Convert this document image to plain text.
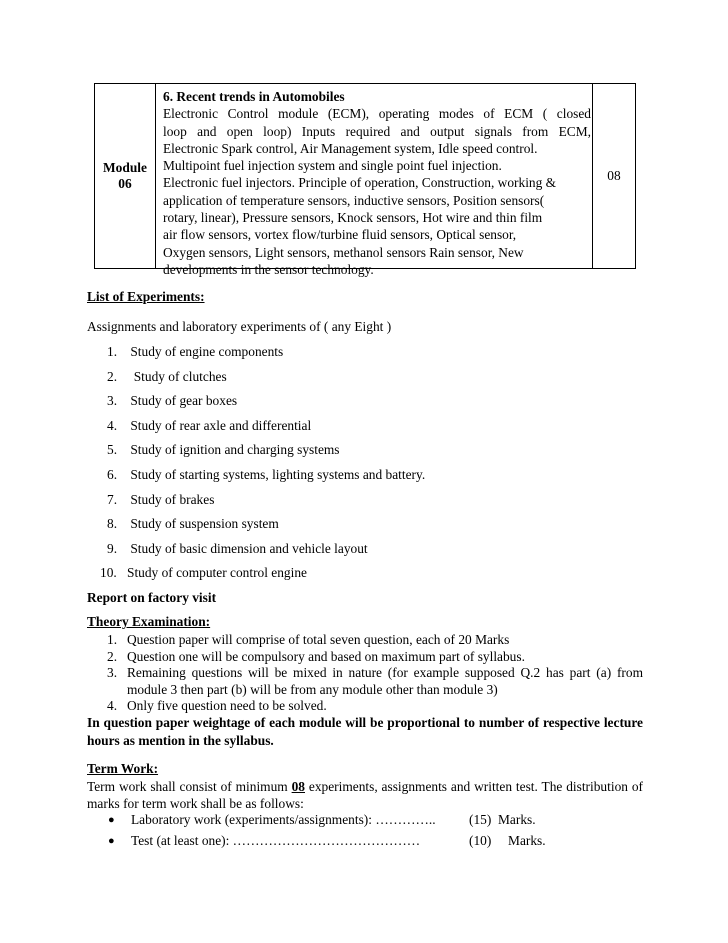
Module
06
6. Recent trends in Automobiles
Electronic Control module (ECM), operating modes of ECM ( closed
loop and open loop) Inputs required and output signals from ECM,
Electronic Spark control, Air Management system, Idle speed control.
Multipoint fuel injection system and single point fuel injection.
Electronic fuel injectors. Principle of operation, Construction, working &
application of temperature sensors, inductive sensors, Position sensors(
rotary, linear), Pressure sensors, Knock sensors, Hot wire and thin film
air flow sensors, vortex flow/turbine fluid sensors, Optical sensor,
Oxygen sensors, Light sensors, methanol sensors Rain sensor, New
developments in the sensor technology.
08
List of Experiments:
Assignments and laboratory experiments of ( any Eight )
1. Study of engine components
2.  Study of clutches
3. Study of gear boxes
4. Study of rear axle and differential
5. Study of ignition and charging systems
6. Study of starting systems, lighting systems and battery.
7. Study of brakes
8. Study of suspension system
9. Study of basic dimension and vehicle layout
10. Study of computer control engine
Report on factory visit
Theory Examination:
1. Question paper will comprise of total seven question, each of 20 Marks
2. Question one will be compulsory and based on maximum part of syllabus.
3. Remaining questions will be mixed in nature (for example supposed Q.2 has part (a) from module 3 then part (b) will be from any module other than module 3)
4. Only five question need to be solved.
In question paper weightage of each module will be proportional to number of respective lecture hours as mention in the syllabus.
Term Work:
Term work shall consist of minimum 08 experiments, assignments and written test. The distribution of marks for term work shall be as follows:
● Laboratory work (experiments/assignments): ………….. (15)  Marks.
● Test (at least one): ……………………………………	(10)     Marks.
